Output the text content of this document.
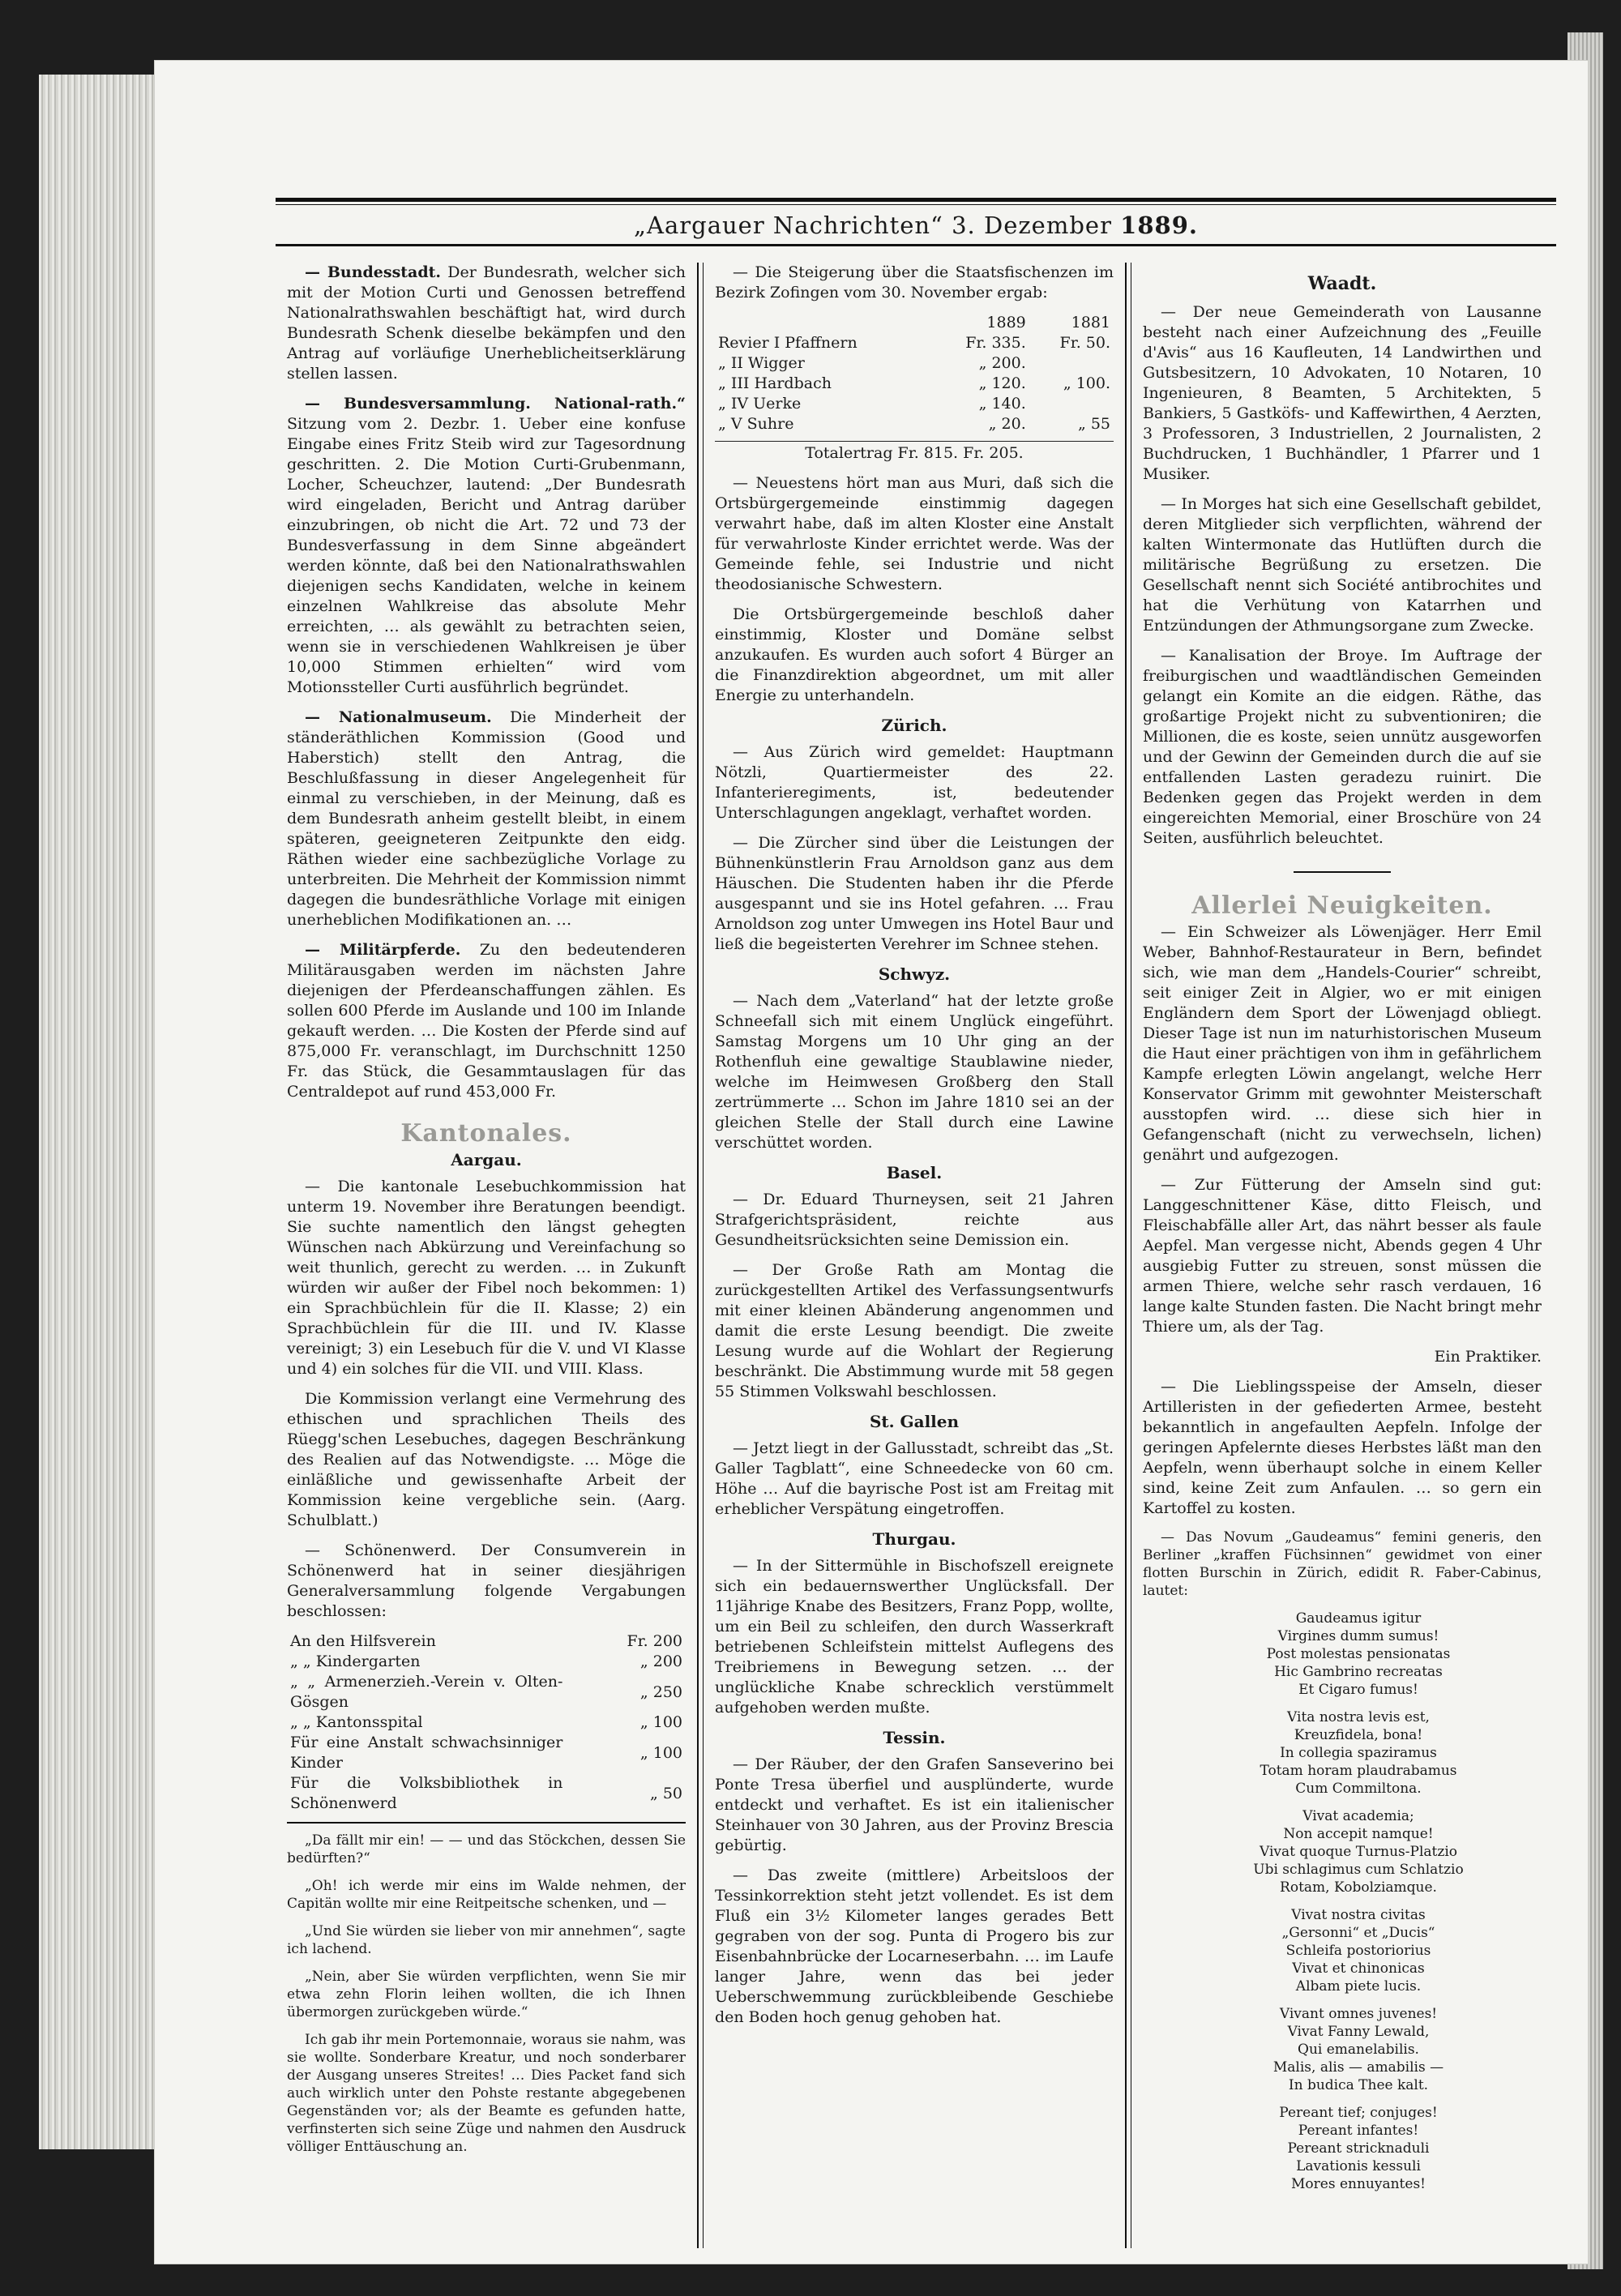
„Aargauer Nachrichten“ 3. Dezember 1889.

— Bundesstadt. Der Bundesrath, welcher sich mit der Motion Curti und Genossen betreffend Nationalrathswahlen beschäftigt hat, wird durch Bundesrath Schenk dieselbe bekämpfen und den Antrag auf vorläufige Unerheblicheitserklärung stellen lassen.

— Bundesversammlung. National-rath.“ Sitzung vom 2. Dezbr. 1. Ueber eine konfuse Eingabe eines Fritz Steib wird zur Tagesordnung geschritten. 2. Die Motion Curti-Grubenmann, Locher, Scheuchzer, lautend: „Der Bundesrath wird eingeladen, Bericht und Antrag darüber einzubringen, ob nicht die Art. 72 und 73 der Bundesverfassung in dem Sinne abgeändert werden könnte, daß bei den Nationalrathswahlen diejenigen sechs Kandidaten, welche in keinem einzelnen Wahlkreise das absolute Mehr erreichten, … als gewählt zu betrachten seien, wenn sie in verschiedenen Wahlkreisen je über 10,000 Stimmen erhielten“ wird vom Motionssteller Curti ausführlich begründet.

— Nationalmuseum. Die Minderheit der ständeräthlichen Kommission (Good und Haberstich) stellt den Antrag, die Beschlußfassung in dieser Angelegenheit für einmal zu verschieben, in der Meinung, daß es dem Bundesrath anheim gestellt bleibt, in einem späteren, geeigneteren Zeitpunkte den eidg. Räthen wieder eine sachbezügliche Vorlage zu unterbreiten. Die Mehrheit der Kommission nimmt dagegen die bundesräthliche Vorlage mit einigen unerheblichen Modifikationen an. …

— Militärpferde. Zu den bedeutenderen Militärausgaben werden im nächsten Jahre diejenigen der Pferdeanschaffungen zählen. Es sollen 600 Pferde im Auslande und 100 im Inlande gekauft werden. … Die Kosten der Pferde sind auf 875,000 Fr. veranschlagt, im Durchschnitt 1250 Fr. das Stück, die Gesammtauslagen für das Centraldepot auf rund 453,000 Fr.

Kantonales.
Aargau.

— Die kantonale Lesebuchkommission hat unterm 19. November ihre Beratungen beendigt. Sie suchte namentlich den längst gehegten Wünschen nach Abkürzung und Vereinfachung so weit thunlich, gerecht zu werden. … in Zukunft würden wir außer der Fibel noch bekommen: 1) ein Sprachbüchlein für die II. Klasse; 2) ein Sprachbüchlein für die III. und IV. Klasse vereinigt; 3) ein Lesebuch für die V. und VI Klasse und 4) ein solches für die VII. und VIII. Klass.

Die Kommission verlangt eine Vermehrung des ethischen und sprachlichen Theils des Rüegg'schen Lesebuches, dagegen Beschränkung des Realien auf das Notwendigste. … Möge die einläßliche und gewissenhafte Arbeit der Kommission keine vergebliche sein. (Aarg. Schulblatt.)

— Schönenwerd. Der Consumverein in Schönenwerd hat in seiner diesjährigen Generalversammlung folgende Vergabungen beschlossen:

An den Hilfsverein	Fr. 200
„ „ Kindergarten	„ 200
„ „ Armenerzieh.-Verein v. Olten-Gösgen	„ 250
„ „ Kantonsspital	„ 100
Für eine Anstalt schwachsinniger Kinder	„ 100
Für die Volksbibliothek in Schönenwerd	„ 50

„Da fällt mir ein! — — und das Stöckchen, dessen Sie bedürften?“

„Oh! ich werde mir eins im Walde nehmen, der Capitän wollte mir eine Reitpeitsche schenken, und —

„Und Sie würden sie lieber von mir annehmen“, sagte ich lachend.

„Nein, aber Sie würden verpflichten, wenn Sie mir etwa zehn Florin leihen wollten, die ich Ihnen übermorgen zurückgeben würde.“

Ich gab ihr mein Portemonnaie, woraus sie nahm, was sie wollte. Sonderbare Kreatur, und noch sonderbarer der Ausgang unseres Streites! … Dies Packet fand sich auch wirklich unter den Pohste restante abgegebenen Gegenständen vor; als der Beamte es gefunden hatte, verfinsterten sich seine Züge und nahmen den Ausdruck völliger Enttäuschung an.

— Die Steigerung über die Staatsfischenzen im Bezirk Zofingen vom 30. November ergab:

	1889	1881
Revier I Pfaffnern	Fr. 335.	Fr. 50.
„ II Wigger	„ 200.	
„ III Hardbach	„ 120.	„ 100.
„ IV Uerke	„ 140.	
„ V Suhre	„ 20.	„ 55
Totalertrag Fr. 815. Fr. 205.

— Neuestens hört man aus Muri, daß sich die Ortsbürgergemeinde einstimmig dagegen verwahrt habe, daß im alten Kloster eine Anstalt für verwahrloste Kinder errichtet werde. Was der Gemeinde fehle, sei Industrie und nicht theodosianische Schwestern.

Die Ortsbürgergemeinde beschloß daher einstimmig, Kloster und Domäne selbst anzukaufen. Es wurden auch sofort 4 Bürger an die Finanzdirektion abgeordnet, um mit aller Energie zu unterhandeln.

Zürich.

— Aus Zürich wird gemeldet: Hauptmann Nötzli, Quartiermeister des 22. Infanterieregiments, ist, bedeutender Unterschlagungen angeklagt, verhaftet worden.

— Die Zürcher sind über die Leistungen der Bühnenkünstlerin Frau Arnoldson ganz aus dem Häuschen. Die Studenten haben ihr die Pferde ausgespannt und sie ins Hotel gefahren. … Frau Arnoldson zog unter Umwegen ins Hotel Baur und ließ die begeisterten Verehrer im Schnee stehen.

Schwyz.

— Nach dem „Vaterland“ hat der letzte große Schneefall sich mit einem Unglück eingeführt. Samstag Morgens um 10 Uhr ging an der Rothenfluh eine gewaltige Staublawine nieder, welche im Heimwesen Großberg den Stall zertrümmerte … Schon im Jahre 1810 sei an der gleichen Stelle der Stall durch eine Lawine verschüttet worden.

Basel.

— Dr. Eduard Thurneysen, seit 21 Jahren Strafgerichtspräsident, reichte aus Gesundheitsrücksichten seine Demission ein.

— Der Große Rath am Montag die zurückgestellten Artikel des Verfassungsentwurfs mit einer kleinen Abänderung angenommen und damit die erste Lesung beendigt. Die zweite Lesung wurde auf die Wohlart der Regierung beschränkt. Die Abstimmung wurde mit 58 gegen 55 Stimmen Volkswahl beschlossen.

St. Gallen

— Jetzt liegt in der Gallusstadt, schreibt das „St. Galler Tagblatt“, eine Schneedecke von 60 cm. Höhe … Auf die bayrische Post ist am Freitag mit erheblicher Verspätung eingetroffen.

Thurgau.

— In der Sittermühle in Bischofszell ereignete sich ein bedauernswerther Unglücksfall. Der 11jährige Knabe des Besitzers, Franz Popp, wollte, um ein Beil zu schleifen, den durch Wasserkraft betriebenen Schleifstein mittelst Auflegens des Treibriemens in Bewegung setzen. … der unglückliche Knabe schrecklich verstümmelt aufgehoben werden mußte.

Tessin.

— Der Räuber, der den Grafen Sanseverino bei Ponte Tresa überfiel und ausplünderte, wurde entdeckt und verhaftet. Es ist ein italienischer Steinhauer von 30 Jahren, aus der Provinz Brescia gebürtig.

— Das zweite (mittlere) Arbeitsloos der Tessinkorrektion steht jetzt vollendet. Es ist dem Fluß ein 3½ Kilometer langes gerades Bett gegraben von der sog. Punta di Progero bis zur Eisenbahnbrücke der Locarneserbahn. … im Laufe langer Jahre, wenn das bei jeder Ueberschwemmung zurückbleibende Geschiebe den Boden hoch genug gehoben hat.

Waadt.

— Der neue Gemeinderath von Lausanne besteht nach einer Aufzeichnung des „Feuille d'Avis“ aus 16 Kaufleuten, 14 Landwirthen und Gutsbesitzern, 10 Advokaten, 10 Notaren, 10 Ingenieuren, 8 Beamten, 5 Architekten, 5 Bankiers, 5 Gastköfs- und Kaffewirthen, 4 Aerzten, 3 Professoren, 3 Industriellen, 2 Journalisten, 2 Buchdrucken, 1 Buchhändler, 1 Pfarrer und 1 Musiker.

— In Morges hat sich eine Gesellschaft gebildet, deren Mitglieder sich verpflichten, während der kalten Wintermonate das Hutlüften durch die militärische Begrüßung zu ersetzen. Die Gesellschaft nennt sich Société antibrochites und hat die Verhütung von Katarrhen und Entzündungen der Athmungsorgane zum Zwecke.

— Kanalisation der Broye. Im Auftrage der freiburgischen und waadtländischen Gemeinden gelangt ein Komite an die eidgen. Räthe, das großartige Projekt nicht zu subventioniren; die Millionen, die es koste, seien unnütz ausgeworfen und der Gewinn der Gemeinden durch die auf sie entfallenden Lasten geradezu ruinirt. Die Bedenken gegen das Projekt werden in dem eingereichten Memorial, einer Broschüre von 24 Seiten, ausführlich beleuchtet.

Allerlei Neuigkeiten.

— Ein Schweizer als Löwenjäger. Herr Emil Weber, Bahnhof-Restaurateur in Bern, befindet sich, wie man dem „Handels-Courier“ schreibt, seit einiger Zeit in Algier, wo er mit einigen Engländern dem Sport der Löwenjagd obliegt. Dieser Tage ist nun im naturhistorischen Museum die Haut einer prächtigen von ihm in gefährlichem Kampfe erlegten Löwin angelangt, welche Herr Konservator Grimm mit gewohnter Meisterschaft ausstopfen wird. … diese sich hier in Gefangenschaft (nicht zu verwechseln, lichen) genährt und aufgezogen.

— Zur Fütterung der Amseln sind gut: Langgeschnittener Käse, ditto Fleisch, und Fleischabfälle aller Art, das nährt besser als faule Aepfel. Man vergesse nicht, Abends gegen 4 Uhr ausgiebig Futter zu streuen, sonst müssen die armen Thiere, welche sehr rasch verdauen, 16 lange kalte Stunden fasten. Die Nacht bringt mehr Thiere um, als der Tag.

Ein Praktiker.

— Die Lieblingsspeise der Amseln, dieser Artilleristen in der gefiederten Armee, besteht bekanntlich in angefaulten Aepfeln. Infolge der geringen Apfelernte dieses Herbstes läßt man den Aepfeln, wenn überhaupt solche in einem Keller sind, keine Zeit zum Anfaulen. … so gern ein Kartoffel zu kosten.

— Das Novum „Gaudeamus“ femini generis, den Berliner „kraffen Füchsinnen“ gewidmet von einer flotten Burschin in Zürich, edidit R. Faber-Cabinus, lautet:

Gaudeamus igitur
Virgines dumm sumus!
Post molestas pensionatas
Hic Gambrino recreatas
Et Cigaro fumus!
Vita nostra levis est,
Kreuzfidela, bona!
In collegia spaziramus
Totam horam plaudrabamus
Cum Commiltona.
Vivat academia;
Non accepit namque!
Vivat quoque Turnus-Platzio
Ubi schlagimus cum Schlatzio
Rotam, Kobolziamque.
Vivat nostra civitas
„Gersonni“ et „Ducis“
Schleifa postoriorius
Vivat et chinonicas
Albam piete lucis.
Vivant omnes juvenes!
Vivat Fanny Lewald,
Qui emanelabilis.
Malis, alis — amabilis —
In budica Thee kalt.
Pereant tief; conjuges!
Pereant infantes!
Pereant stricknaduli
Lavationis kessuli
Mores ennuyantes!
